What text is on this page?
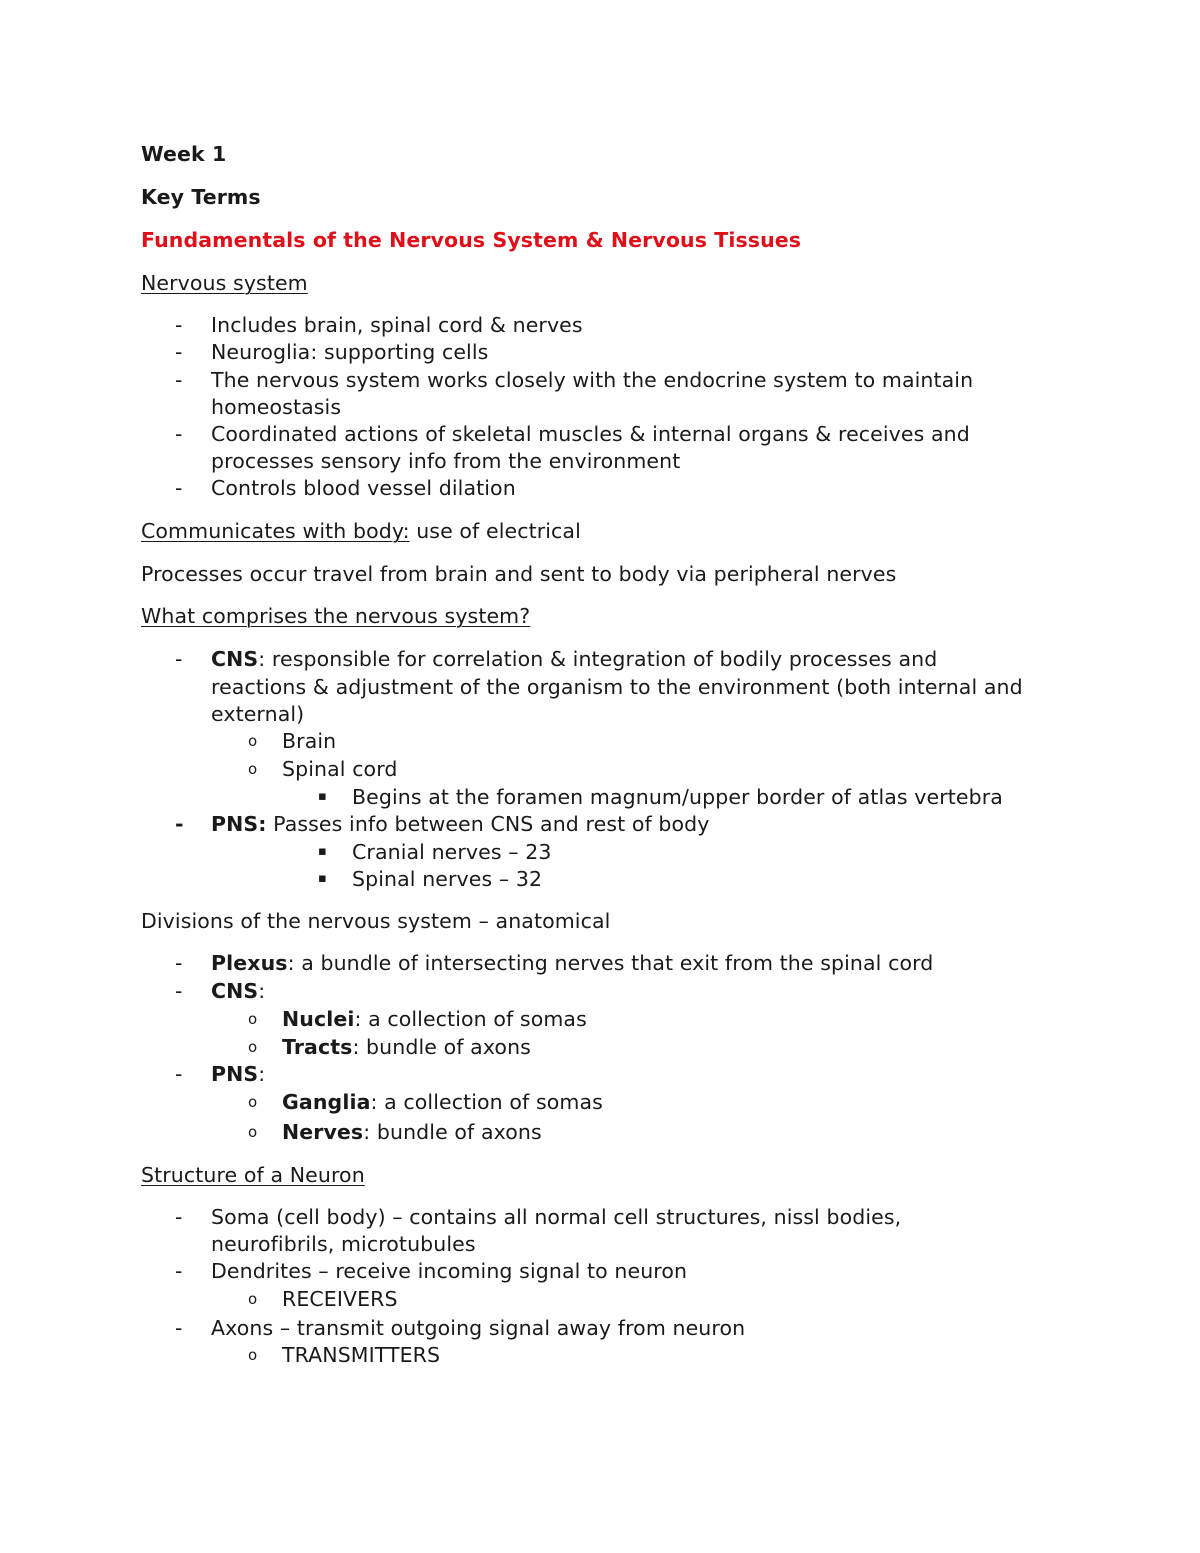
Week 1
Key Terms
Fundamentals of the Nervous System & Nervous Tissues
Nervous system
- Includes brain, spinal cord & nerves
- Neuroglia: supporting cells
- The nervous system works closely with the endocrine system to maintain
homeostasis
- Coordinated actions of skeletal muscles & internal organs & receives and
processes sensory info from the environment
- Controls blood vessel dilation
Communicates with body: use of electrical
Processes occur travel from brain and sent to body via peripheral nerves
What comprises the nervous system?
- CNS: responsible for correlation & integration of bodily processes and
reactions & adjustment of the organism to the environment (both internal and
external)
o Brain
o Spinal cord
▪ Begins at the foramen magnum/upper border of atlas vertebra
- PNS: Passes info between CNS and rest of body
▪ Cranial nerves – 23
▪ Spinal nerves – 32
Divisions of the nervous system – anatomical
- Plexus: a bundle of intersecting nerves that exit from the spinal cord
- CNS:
o Nuclei: a collection of somas
o Tracts: bundle of axons
- PNS:
o Ganglia: a collection of somas
o Nerves: bundle of axons
Structure of a Neuron
- Soma (cell body) – contains all normal cell structures, nissl bodies,
neurofibrils, microtubules
- Dendrites – receive incoming signal to neuron
o RECEIVERS
- Axons – transmit outgoing signal away from neuron
o TRANSMITTERS
